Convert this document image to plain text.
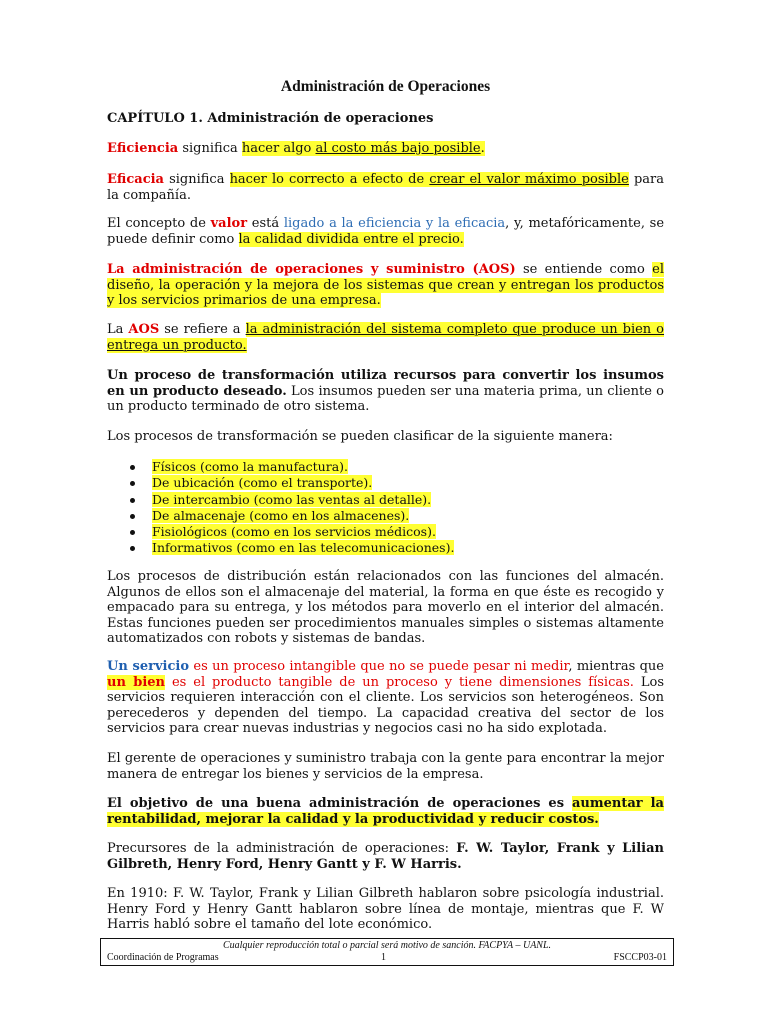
Administración de Operaciones
CAPÍTULO 1. Administración de operaciones
Eficiencia significa hacer algo al costo más bajo posible.
Eficacia significa hacer lo correcto a efecto de crear el valor máximo posible para la compañía.
El concepto de valor está ligado a la eficiencia y la eficacia, y, metafóricamente, se puede definir como la calidad dividida entre el precio.
La administración de operaciones y suministro (AOS) se entiende como el diseño, la operación y la mejora de los sistemas que crean y entregan los productos y los servicios primarios de una empresa.
La AOS se refiere a la administración del sistema completo que produce un bien o entrega un producto.
Un proceso de transformación utiliza recursos para convertir los insumos en un producto deseado. Los insumos pueden ser una materia prima, un cliente o un producto terminado de otro sistema.
Los procesos de transformación se pueden clasificar de la siguiente manera:
Físicos (como la manufactura).
De ubicación (como el transporte).
De intercambio (como las ventas al detalle).
De almacenaje (como en los almacenes).
Fisiológicos (como en los servicios médicos).
Informativos (como en las telecomunicaciones).
Los procesos de distribución están relacionados con las funciones del almacén. Algunos de ellos son el almacenaje del material, la forma en que éste es recogido y empacado para su entrega, y los métodos para moverlo en el interior del almacén. Estas funciones pueden ser procedimientos manuales simples o sistemas altamente automatizados con robots y sistemas de bandas.
Un servicio es un proceso intangible que no se puede pesar ni medir, mientras que un bien es el producto tangible de un proceso y tiene dimensiones físicas. Los servicios requieren interacción con el cliente. Los servicios son heterogéneos. Son perecederos y dependen del tiempo. La capacidad creativa del sector de los servicios para crear nuevas industrias y negocios casi no ha sido explotada.
El gerente de operaciones y suministro trabaja con la gente para encontrar la mejor manera de entregar los bienes y servicios de la empresa.
El objetivo de una buena administración de operaciones es aumentar la rentabilidad, mejorar la calidad y la productividad y reducir costos.
Precursores de la administración de operaciones: F. W. Taylor, Frank y Lilian Gilbreth, Henry Ford, Henry Gantt y F. W Harris.
En 1910: F. W. Taylor, Frank y Lilian Gilbreth hablaron sobre psicología industrial. Henry Ford y Henry Gantt hablaron sobre línea de montaje, mientras que F. W Harris habló sobre el tamaño del lote económico.
Cualquier reproducción total o parcial será motivo de sanción. FACPYA – UANL.
Coordinación de Programas	1	FSCCP03-01
